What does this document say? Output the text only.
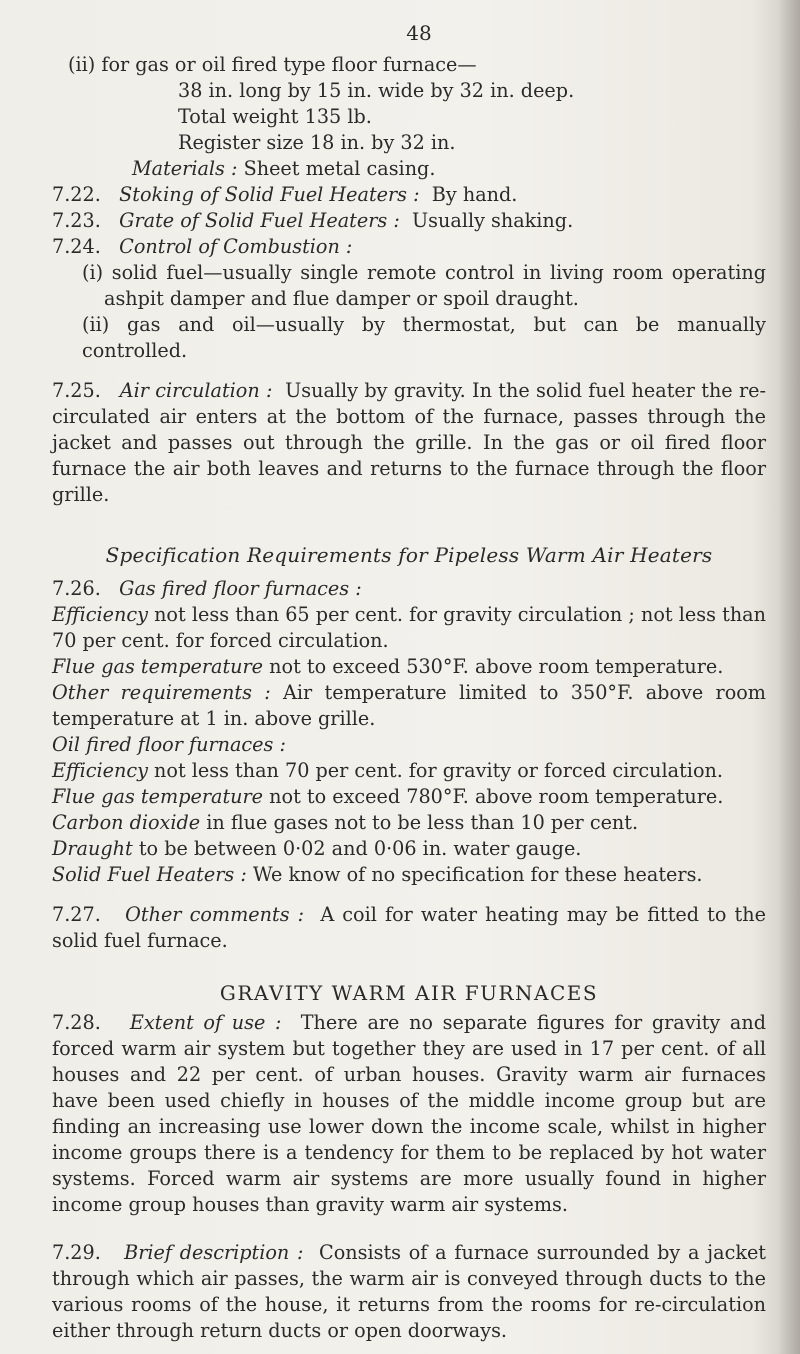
48

(ii) for gas or oil fired type floor furnace—

38 in. long by 15 in. wide by 32 in. deep.

Total weight 135 lb.

Register size 18 in. by 32 in.

Materials : Sheet metal casing.

7.22. Stoking of Solid Fuel Heaters : By hand.

7.23. Grate of Solid Fuel Heaters : Usually shaking.

7.24. Control of Combustion :

(i) solid fuel—usually single remote control in living room operating ashpit damper and flue damper or spoil draught.

(ii) gas and oil—usually by thermostat, but can be manually controlled.

7.25. Air circulation : Usually by gravity. In the solid fuel heater the re-circulated air enters at the bottom of the furnace, passes through the jacket and passes out through the grille. In the gas or oil fired floor furnace the air both leaves and returns to the furnace through the floor grille.

Specification Requirements for Pipeless Warm Air Heaters

7.26. Gas fired floor furnaces :

Efficiency not less than 65 per cent. for gravity circulation ; not less than 70 per cent. for forced circulation.

Flue gas temperature not to exceed 530°F. above room temperature.

Other requirements : Air temperature limited to 350°F. above room temperature at 1 in. above grille.

Oil fired floor furnaces :

Efficiency not less than 70 per cent. for gravity or forced circulation.

Flue gas temperature not to exceed 780°F. above room temperature.

Carbon dioxide in flue gases not to be less than 10 per cent.

Draught to be between 0·02 and 0·06 in. water gauge.

Solid Fuel Heaters : We know of no specification for these heaters.

7.27. Other comments : A coil for water heating may be fitted to the solid fuel furnace.

GRAVITY WARM AIR FURNACES

7.28. Extent of use : There are no separate figures for gravity and forced warm air system but together they are used in 17 per cent. of all houses and 22 per cent. of urban houses. Gravity warm air furnaces have been used chiefly in houses of the middle income group but are finding an increasing use lower down the income scale, whilst in higher income groups there is a tendency for them to be replaced by hot water systems. Forced warm air systems are more usually found in higher income group houses than gravity warm air systems.

7.29. Brief description : Consists of a furnace surrounded by a jacket through which air passes, the warm air is conveyed through ducts to the various rooms of the house, it returns from the rooms for re-circulation either through return ducts or open doorways.
